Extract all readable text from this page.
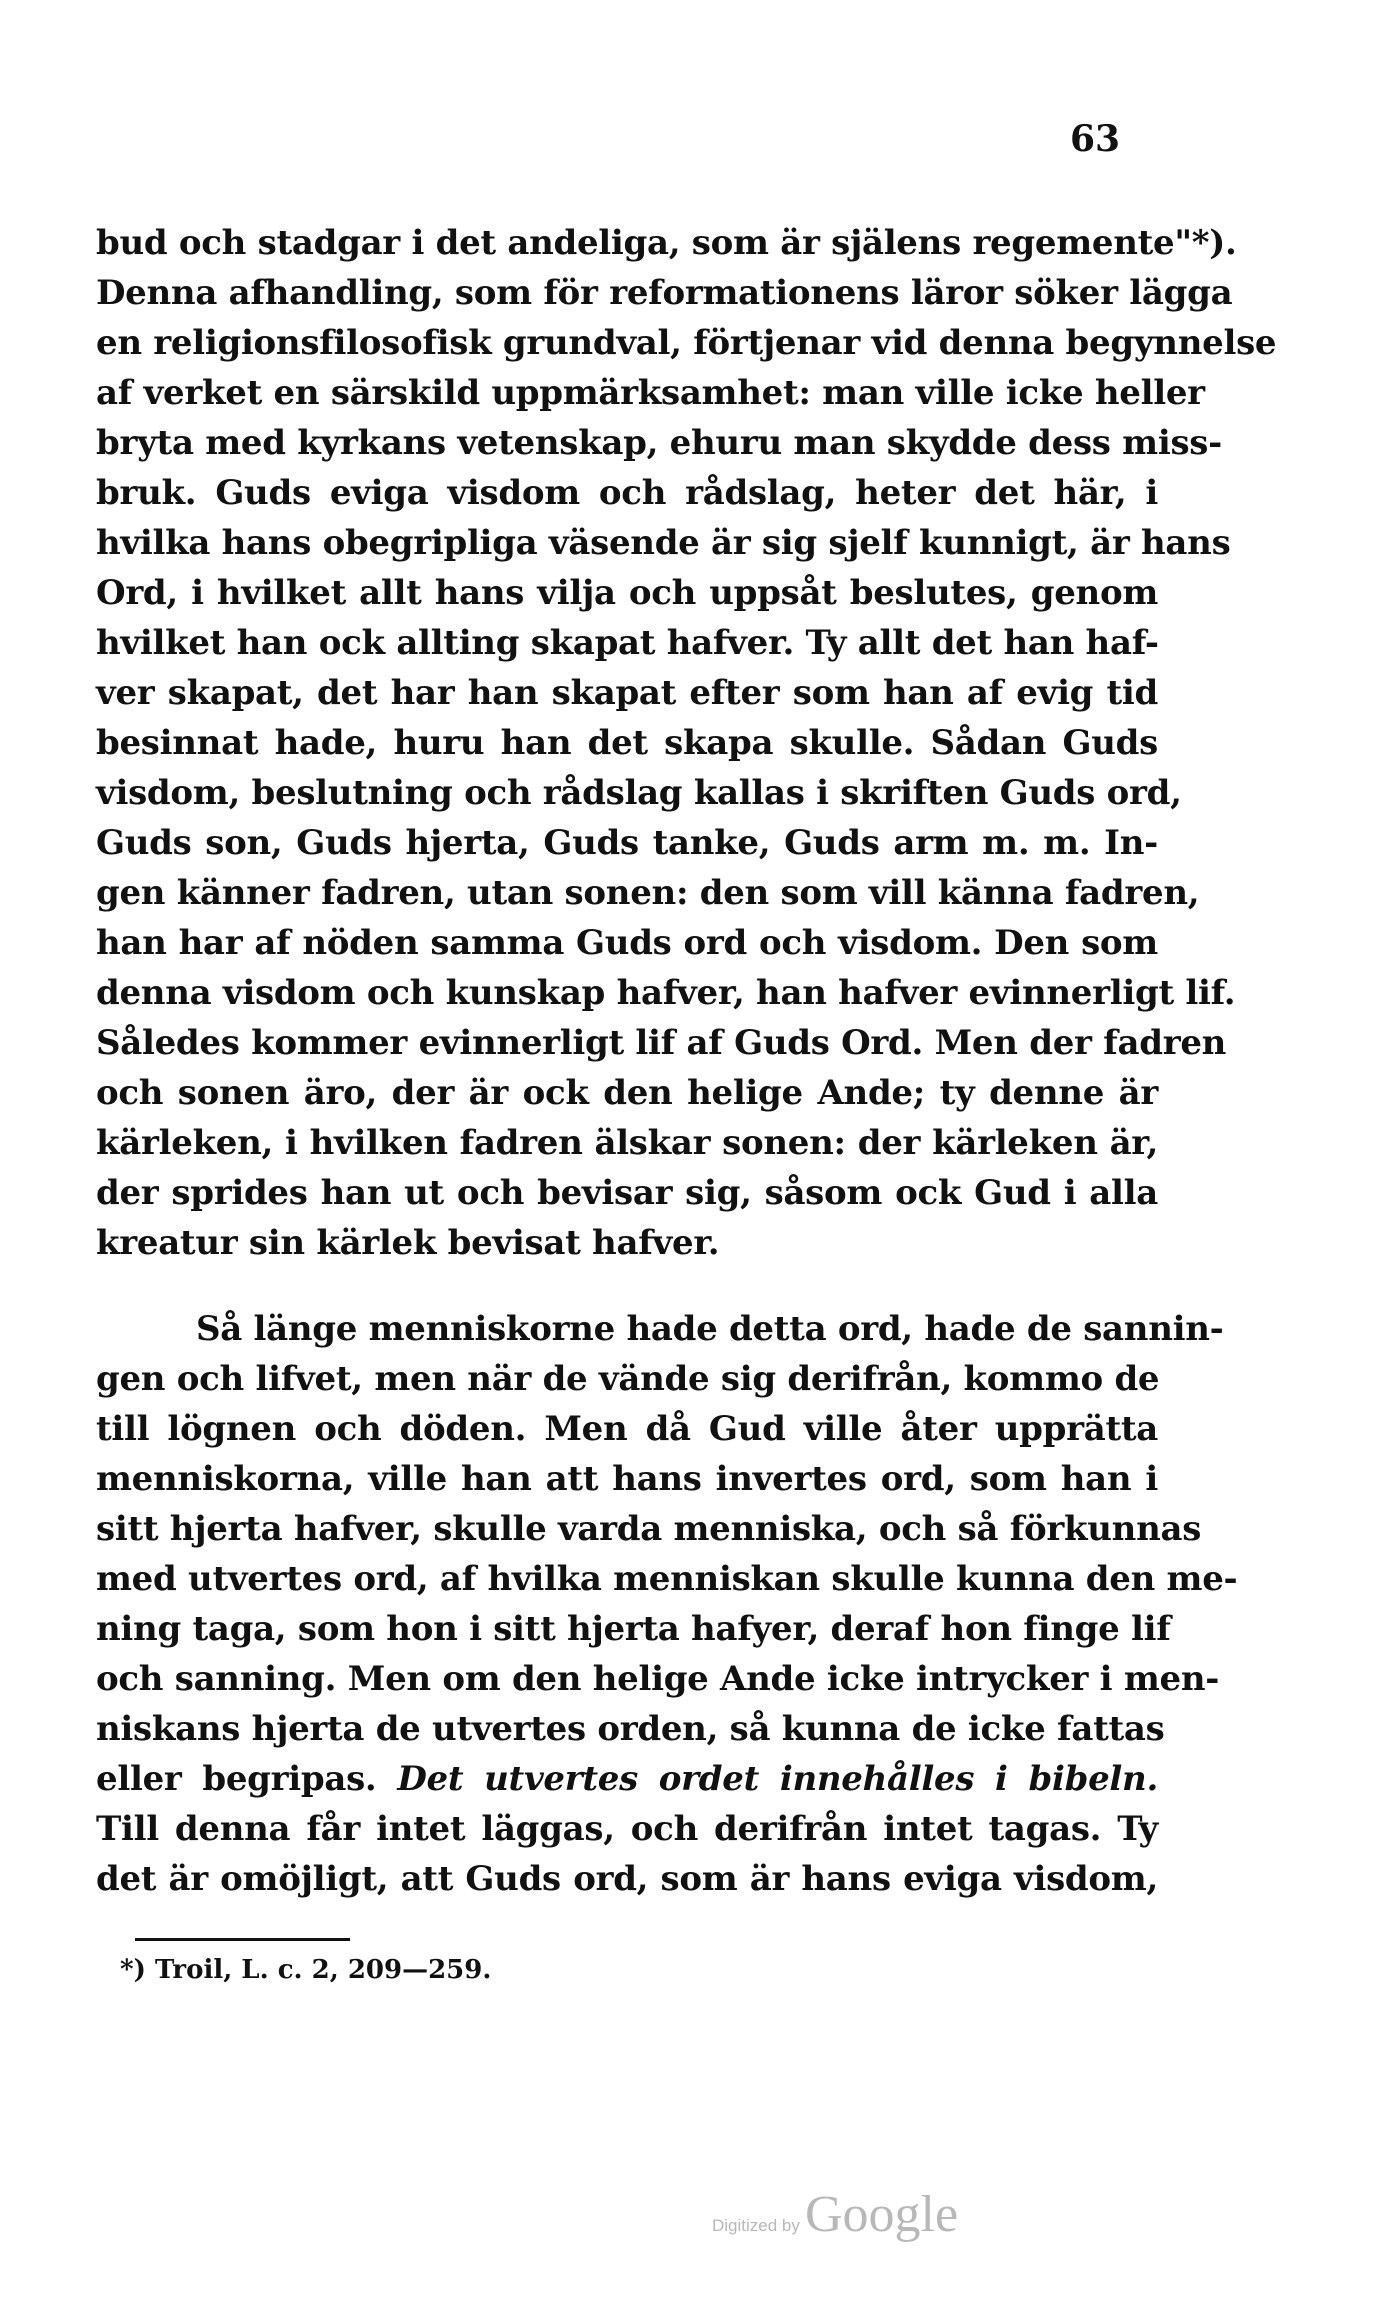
63
bud och stadgar i det andeliga, som är själens regemente"*).
Denna afhandling, som för reformationens läror söker lägga
en religionsfilosofisk grundval, förtjenar vid denna begynnelse
af verket en särskild uppmärksamhet: man ville icke heller
bryta med kyrkans vetenskap, ehuru man skydde dess miss-
bruk. Guds eviga visdom och rådslag, heter det här, i
hvilka hans obegripliga väsende är sig sjelf kunnigt, är hans
Ord, i hvilket allt hans vilja och uppsåt beslutes, genom
hvilket han ock allting skapat hafver. Ty allt det han haf-
ver skapat, det har han skapat efter som han af evig tid
besinnat hade, huru han det skapa skulle. Sådan Guds
visdom, beslutning och rådslag kallas i skriften Guds ord,
Guds son, Guds hjerta, Guds tanke, Guds arm m. m. In-
gen känner fadren, utan sonen: den som vill känna fadren,
han har af nöden samma Guds ord och visdom. Den som
denna visdom och kunskap hafver, han hafver evinnerligt lif.
Således kommer evinnerligt lif af Guds Ord. Men der fadren
och sonen äro, der är ock den helige Ande; ty denne är
kärleken, i hvilken fadren älskar sonen: der kärleken är,
der sprides han ut och bevisar sig, såsom ock Gud i alla
kreatur sin kärlek bevisat hafver.
Så länge menniskorne hade detta ord, hade de sannin-
gen och lifvet, men när de vände sig derifrån, kommo de
till lögnen och döden. Men då Gud ville åter upprätta
menniskorna, ville han att hans invertes ord, som han i
sitt hjerta hafver, skulle varda menniska, och så förkunnas
med utvertes ord, af hvilka menniskan skulle kunna den me-
ning taga, som hon i sitt hjerta hafyer, deraf hon finge lif
och sanning. Men om den helige Ande icke intrycker i men-
niskans hjerta de utvertes orden, så kunna de icke fattas
eller begripas. Det utvertes ordet innehålles i bibeln.
Till denna får intet läggas, och derifrån intet tagas. Ty
det är omöjligt, att Guds ord, som är hans eviga visdom,
*) Troil, L. c. 2, 209—259.
Digitized by Google
